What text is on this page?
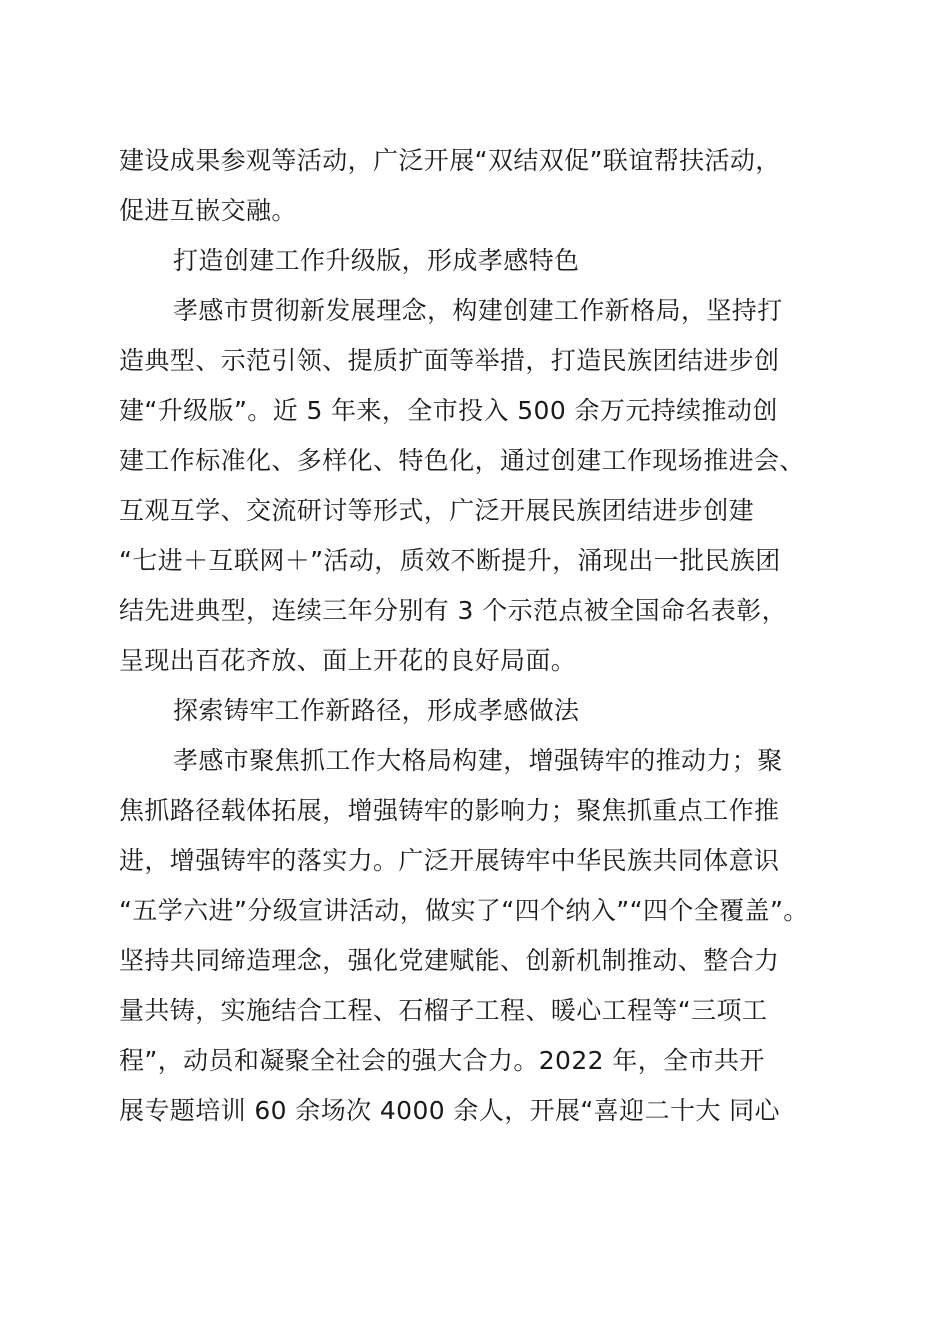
建设成果参观等活动，广泛开展“双结双促”联谊帮扶活动，
促进互嵌交融。
打造创建工作升级版，形成孝感特色
孝感市贯彻新发展理念，构建创建工作新格局，坚持打
造典型、示范引领、提质扩面等举措，打造民族团结进步创
建“升级版”。近 5 年来，全市投入 500 余万元持续推动创
建工作标准化、多样化、特色化，通过创建工作现场推进会、
互观互学、交流研讨等形式，广泛开展民族团结进步创建
“七进＋互联网＋”活动，质效不断提升，涌现出一批民族团
结先进典型，连续三年分别有 3 个示范点被全国命名表彰，
呈现出百花齐放、面上开花的良好局面。
探索铸牢工作新路径，形成孝感做法
孝感市聚焦抓工作大格局构建，增强铸牢的推动力；聚
焦抓路径载体拓展，增强铸牢的影响力；聚焦抓重点工作推
进，增强铸牢的落实力。广泛开展铸牢中华民族共同体意识
“五学六进”分级宣讲活动，做实了“四个纳入”“四个全覆盖”。
坚持共同缔造理念，强化党建赋能、创新机制推动、整合力
量共铸，实施结合工程、石榴子工程、暖心工程等“三项工
程”，动员和凝聚全社会的强大合力。2022 年，全市共开
展专题培训 60 余场次 4000 余人，开展“喜迎二十大 同心
